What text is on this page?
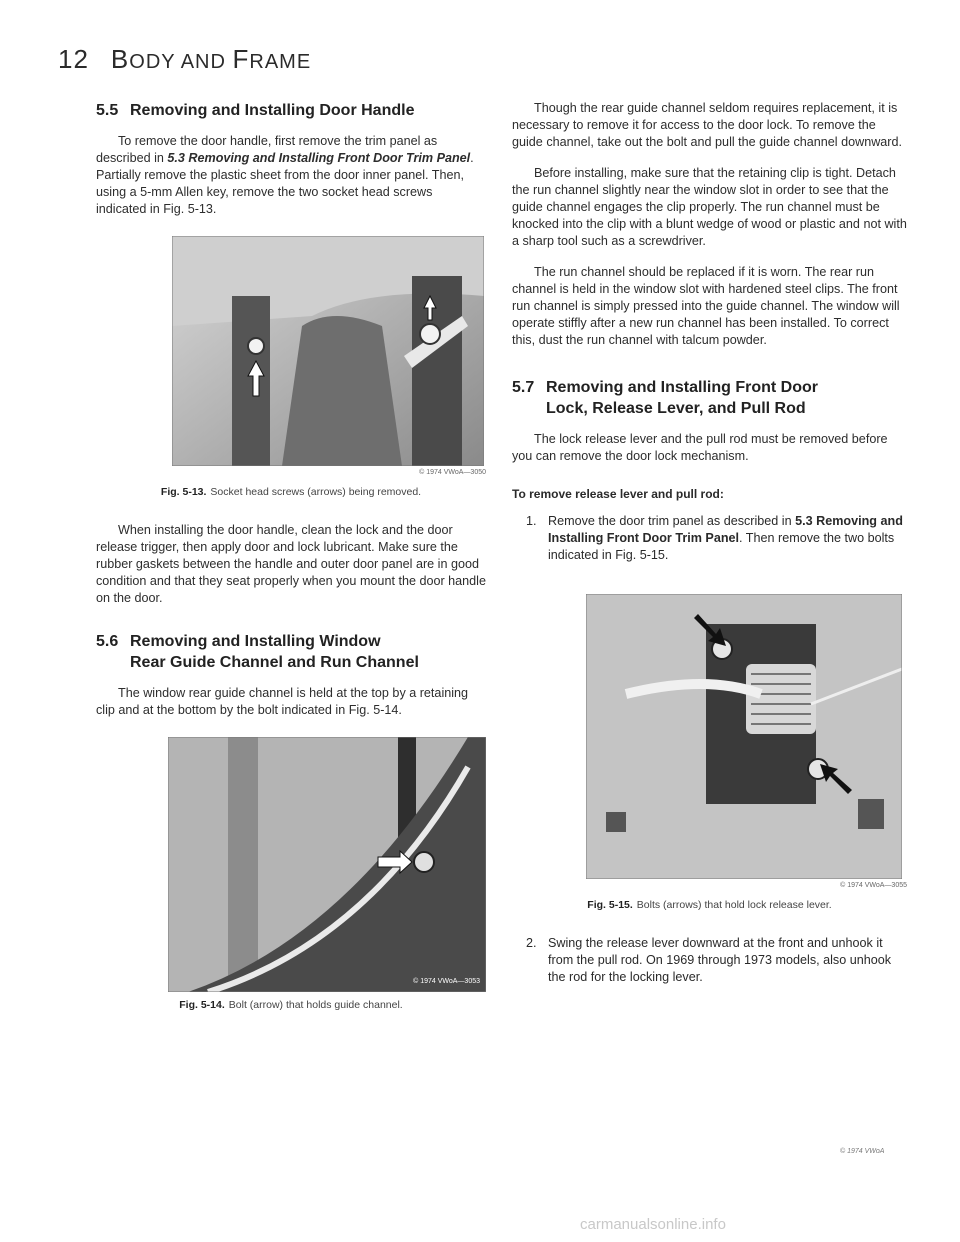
12 BODY AND FRAME
5.5 Removing and Installing Door Handle

To remove the door handle, first remove the trim panel as described in 5.3 Removing and Installing Front Door Trim Panel. Partially remove the plastic sheet from the door inner panel. Then, using a 5-mm Allen key, remove the two socket head screws indicated in Fig. 5-13.

© 1974 VWoA—3050
Fig. 5-13. Socket head screws (arrows) being removed.

When installing the door handle, clean the lock and the door release trigger, then apply door and lock lubricant. Make sure the rubber gaskets between the handle and outer door panel are in good condition and that they seat properly when you mount the door handle on the door.

5.6 Removing and Installing Window
Rear Guide Channel and Run Channel

The window rear guide channel is held at the top by a retaining clip and at the bottom by the bolt indicated in Fig. 5-14.

© 1974 VWoA—3053
Fig. 5-14. Bolt (arrow) that holds guide channel.

Though the rear guide channel seldom requires replacement, it is necessary to remove it for access to the door lock. To remove the guide channel, take out the bolt and pull the guide channel downward.

Before installing, make sure that the retaining clip is tight. Detach the run channel slightly near the window slot in order to see that the guide channel engages the clip properly. The run channel must be knocked into the clip with a blunt wedge of wood or plastic and not with a sharp tool such as a screwdriver.

The run channel should be replaced if it is worn. The rear run channel is held in the window slot with hardened steel clips. The front run channel is simply pressed into the guide channel. The window will operate stiffly after a new run channel has been installed. To correct this, dust the run channel with talcum powder.

5.7 Removing and Installing Front Door
Lock, Release Lever, and Pull Rod

The lock release lever and the pull rod must be removed before you can remove the door lock mechanism.

To remove release lever and pull rod:
1. Remove the door trim panel as described in 5.3 Removing and Installing Front Door Trim Panel. Then remove the two bolts indicated in Fig. 5-15.
© 1974 VWoA—3055
Fig. 5-15. Bolts (arrows) that hold lock release lever.
2. Swing the release lever downward at the front and unhook it from the pull rod. On 1969 through 1973 models, also unhook the rod for the locking lever.
© 1974 VWoA
carmanualsonline.info
